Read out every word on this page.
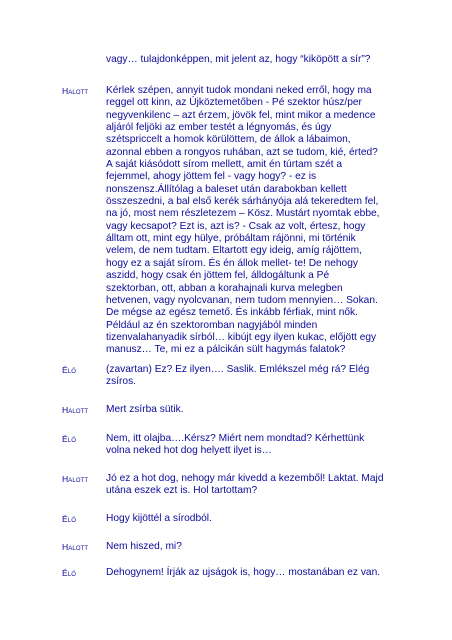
vagy… tulajdonképpen, mit jelent az, hogy “kiköpött a sír”?
Halott Kérlek szépen, annyit tudok mondani neked erről, hogy ma
reggel ott kinn, az Újköztemetőben - Pé szektor húsz/per
negyvenkilenc – azt érzem, jövök fel, mint mikor a medence
aljáról feljöki az ember testét a légnyomás, és úgy
szétspriccelt a homok körülöttem, de állok a lábaimon,
azonnal ebben a rongyos ruhában, azt se tudom, kié, érted?
A saját kiásódott sírom mellett, amit én túrtam szét a
fejemmel, ahogy jöttem fel - vagy hogy? - ez is
nonszensz.Állítólag a baleset után darabokban kellett
összeszedni, a bal első kerék sárhányója alá tekeredtem fel,
na jó, most nem részletezem – Kösz. Mustárt nyomtak ebbe,
vagy kecsapot? Ezt is, azt is? - Csak az volt, értesz, hogy
álltam ott, mint egy hülye, próbáltam rájönni, mi történik
velem, de nem tudtam. Eltartott egy ideig, amíg rájöttem,
hogy ez a saját sírom. És én állok mellet- te! De nehogy
aszidd, hogy csak én jöttem fel, álldogáltunk a Pé
szektorban, ott, abban a korahajnali kurva melegben
hetvenen, vagy nyolcvanan, nem tudom mennyien… Sokan.
De mégse az egész temető. És inkább férfiak, mint nők.
Például az én szektoromban nagyjából minden
tizenvalahanyadik sírból… kibújt egy ilyen kukac, előjött egy
manusz… Te, mi ez a pálcikán sült hagymás falatok?
Élő	(zavartan) Ez? Ez ilyen…. Saslik. Emlékszel még rá? Elég
zsíros.
Halott Mert zsírba sütik.
Élő	Nem, itt olajba….Kérsz? Miért nem mondtad? Kérhettünk
volna neked hot dog helyett ilyet is…
Halott Jó ez a hot dog, nehogy már kivedd a kezemből! Laktat. Majd
utána eszek ezt is. Hol tartottam?
Élő	Hogy kijöttél a sírodból.
Halott Nem hiszed, mi?
Élő	Dehogynem! Írják az ujságok is, hogy… mostanában ez van.
